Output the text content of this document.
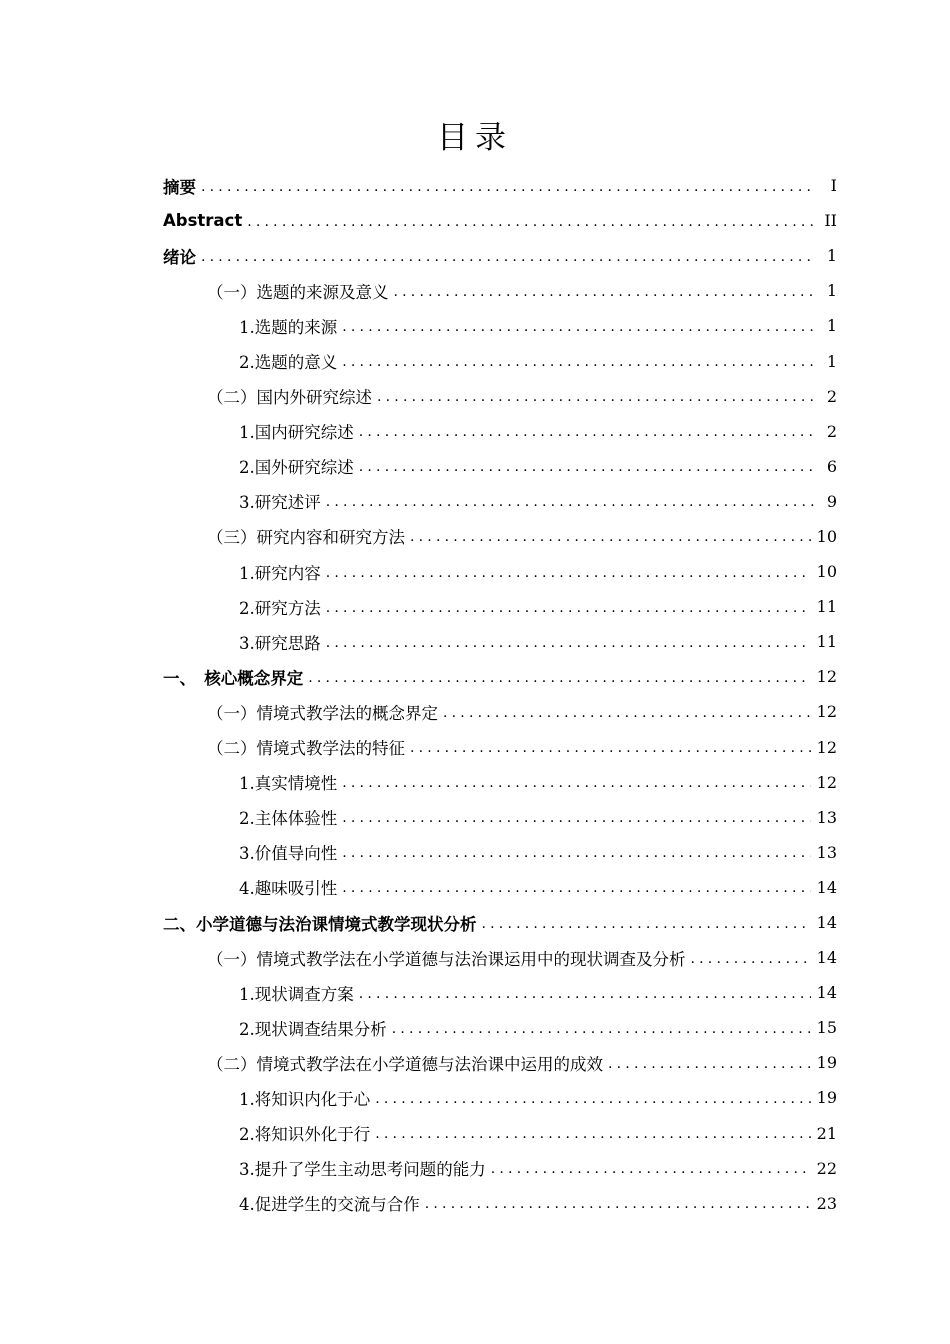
目录
摘要 .....	I
Abstract .....	II
绪论 .....	1
（一）选题的来源及意义 .....	1
1.选题的来源 .....	1
2.选题的意义 .....	1
（二）国内外研究综述 .....	2
1.国内研究综述 .....	2
2.国外研究综述 .....	6
3.研究述评 .....	9
（三）研究内容和研究方法 .....	10
1.研究内容 .....	10
2.研究方法 .....	11
3.研究思路 .....	11
一、　核心概念界定 .....	12
（一）情境式教学法的概念界定 .....	12
（二）情境式教学法的特征 .....	12
1.真实情境性 .....	12
2.主体体验性 .....	13
3.价值导向性 .....	13
4.趣味吸引性 .....	14
二、小学道德与法治课情境式教学现状分析 .....	14
（一）情境式教学法在小学道德与法治课运用中的现状调查及分析 .....	14
1.现状调查方案 .....	14
2.现状调查结果分析 .....	15
（二）情境式教学法在小学道德与法治课中运用的成效 .....	19
1.将知识内化于心 .....	19
2.将知识外化于行 .....	21
3.提升了学生主动思考问题的能力 .....	22
4.促进学生的交流与合作 .....	23
